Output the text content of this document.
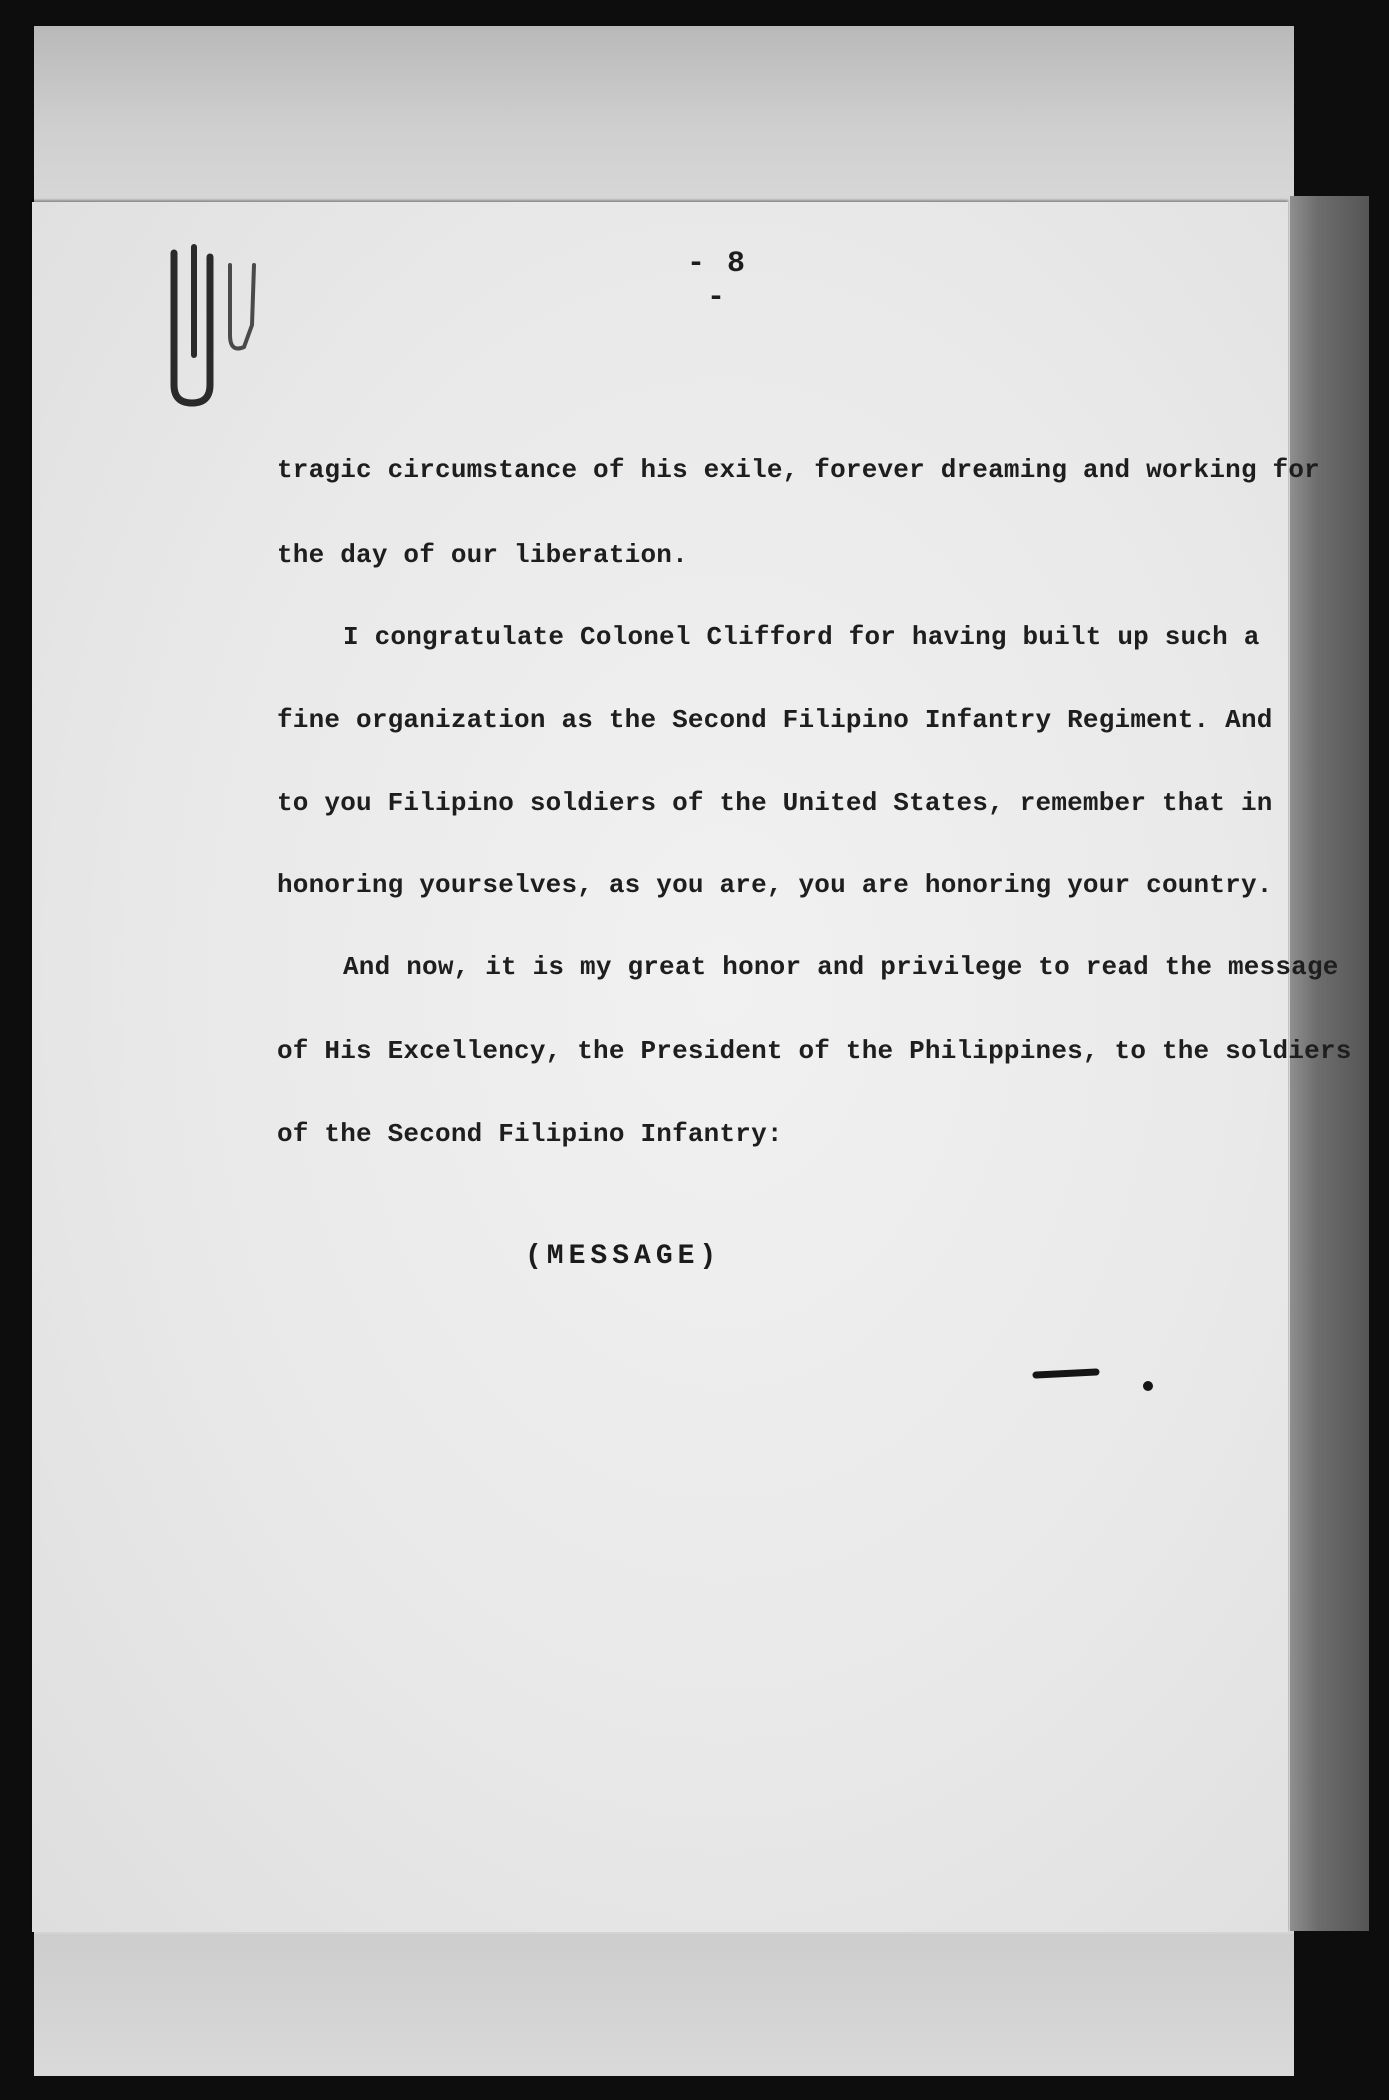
- 8 -
tragic circumstance of his exile, forever dreaming and working for
the day of our liberation.
I congratulate Colonel Clifford for having built up such a
fine organization as the Second Filipino Infantry Regiment. And
to you Filipino soldiers of the United States, remember that in
honoring yourselves, as you are, you are honoring your country.
And now, it is my great honor and privilege to read the message
of His Excellency, the President of the Philippines, to the soldiers
of the Second Filipino Infantry:
(MESSAGE)
